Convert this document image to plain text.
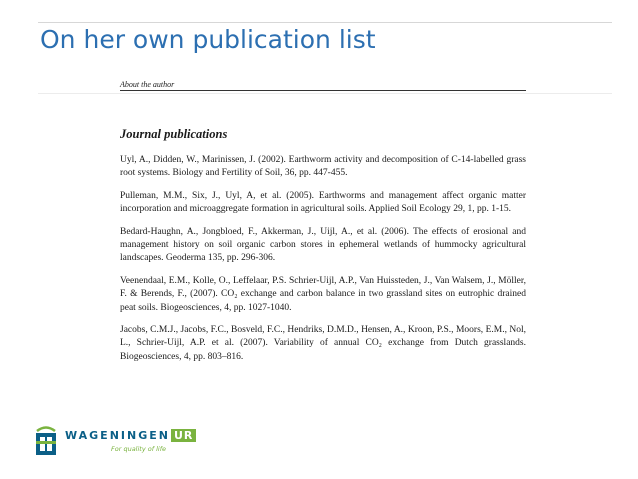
On her own publication list
About the author
Journal publications
Uyl, A., Didden, W., Marinissen, J. (2002). Earthworm activity and decomposition of C-14-labelled grass root systems. Biology and Fertility of Soil, 36, pp. 447-455.
Pulleman, M.M., Six, J., Uyl, A, et al. (2005). Earthworms and management affect organic matter incorporation and microaggregate formation in agricultural soils. Applied Soil Ecology 29, 1, pp. 1-15.
Bedard-Haughn, A., Jongbloed, F., Akkerman, J., Uijl, A., et al. (2006). The effects of erosional and management history on soil organic carbon stores in ephemeral wetlands of hummocky agricultural landscapes. Geoderma 135, pp. 296-306.
Veenendaal, E.M., Kolle, O., Leffelaar, P.S. Schrier-Uijl, A.P., Van Huissteden, J., Van Walsem, J., Möller, F. & Berends, F., (2007). CO₂ exchange and carbon balance in two grassland sites on eutrophic drained peat soils. Biogeosciences, 4, pp. 1027-1040.
Jacobs, C.M.J., Jacobs, F.C., Bosveld, F.C., Hendriks, D.M.D., Hensen, A., Kroon, P.S., Moors, E.M., Nol, L., Schrier-Uijl, A.P. et al. (2007). Variability of annual CO₂ exchange from Dutch grasslands. Biogeosciences, 4, pp. 803–816.
WAGENINGEN UR
For quality of life
